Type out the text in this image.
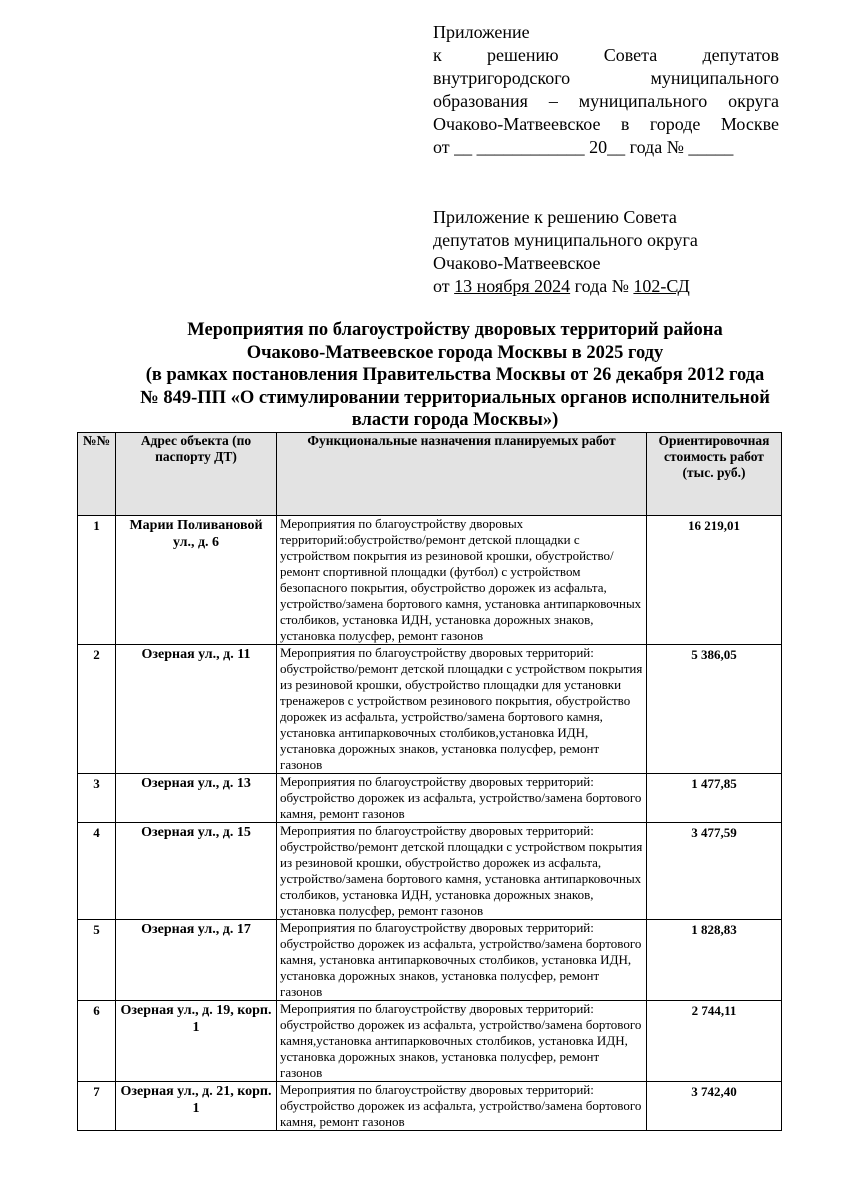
Приложение
к решению Совета депутатов
внутригородского муниципального
образования – муниципального округа
Очаково-Матвеевское в городе Москве
от __ ____________ 20__ года № _____
Приложение к решению Совета
депутатов муниципального округа
Очаково-Матвеевское
от 13 ноября 2024 года № 102-СД
Мероприятия по благоустройству дворовых территорий района
Очаково-Матвеевское города Москвы в 2025 году
(в рамках постановления Правительства Москвы от 26 декабря 2012 года
№ 849-ПП «О стимулировании территориальных органов исполнительной
власти города Москвы»)
№№	Адрес объекта (по паспорту ДТ)	Функциональные назначения планируемых работ	Ориентировочная стоимость работ (тыс. руб.)
1	Марии Поливановой ул., д. 6	Мероприятия по благоустройству дворовых территорий:обустройство/ремонт детской площадки с устройством покрытия из резиновой крошки, обустройство/ремонт спортивной площадки (футбол) с устройством безопасного покрытия, обустройство дорожек из асфальта, устройство/замена бортового камня, установка антипарковочных столбиков, установка ИДН, установка дорожных знаков, установка полусфер, ремонт газонов	16 219,01
2	Озерная ул., д. 11	Мероприятия по благоустройству дворовых территорий: обустройство/ремонт детской площадки с устройством покрытия из резиновой крошки, обустройство площадки для установки тренажеров с устройством резинового покрытия, обустройство дорожек из асфальта, устройство/замена бортового камня, установка антипарковочных столбиков,установка ИДН, установка дорожных знаков, установка полусфер, ремонт газонов	5 386,05
3	Озерная ул., д. 13	Мероприятия по благоустройству дворовых территорий: обустройство дорожек из асфальта, устройство/замена бортового камня, ремонт газонов	1 477,85
4	Озерная ул., д. 15	Мероприятия по благоустройству дворовых территорий: обустройство/ремонт детской площадки с устройством покрытия из резиновой крошки, обустройство дорожек из асфальта, устройство/замена бортового камня, установка антипарковочных столбиков, установка ИДН, установка дорожных знаков, установка полусфер, ремонт газонов	3 477,59
5	Озерная ул., д. 17	Мероприятия по благоустройству дворовых территорий: обустройство дорожек из асфальта, устройство/замена бортового камня, установка антипарковочных столбиков, установка ИДН, установка дорожных знаков, установка полусфер, ремонт газонов	1 828,83
6	Озерная ул., д. 19, корп. 1	Мероприятия по благоустройству дворовых территорий: обустройство дорожек из асфальта, устройство/замена бортового камня,установка антипарковочных столбиков, установка ИДН, установка дорожных знаков, установка полусфер, ремонт газонов	2 744,11
7	Озерная ул., д. 21, корп. 1	Мероприятия по благоустройству дворовых территорий: обустройство дорожек из асфальта, устройство/замена бортового камня, ремонт газонов	3 742,40
